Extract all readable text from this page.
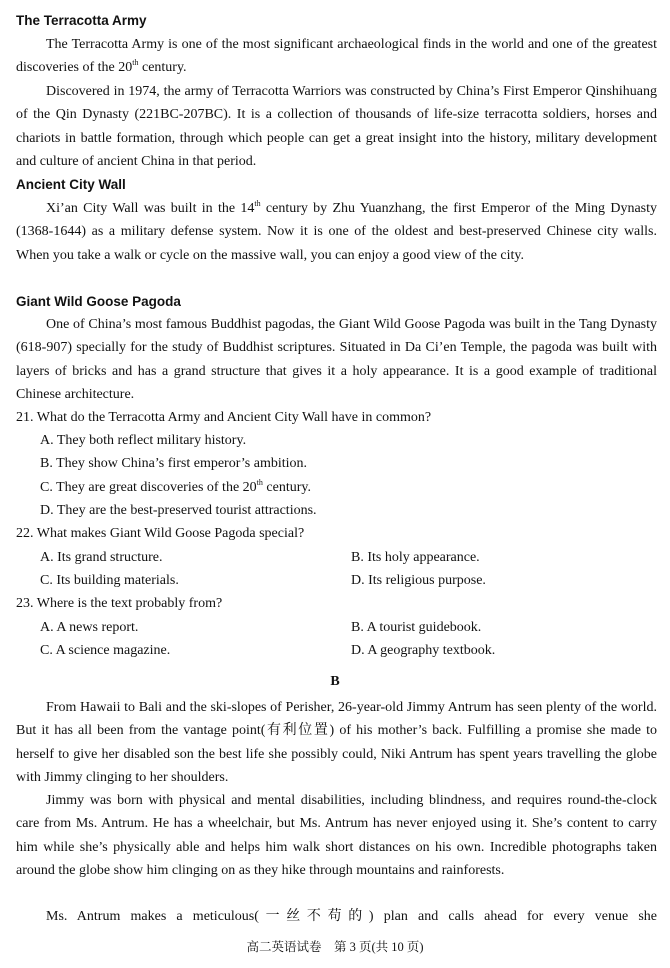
The Terracotta Army

The Terracotta Army is one of the most significant archaeological finds in the world and one of the greatest discoveries of the 20th century.

Discovered in 1974, the army of Terracotta Warriors was constructed by China’s First Emperor Qinshihuang of the Qin Dynasty (221BC-207BC). It is a collection of thousands of life-size terracotta soldiers, horses and chariots in battle formation, through which people can get a great insight into the history, military development and culture of ancient China in that period.

Ancient City Wall

Xi’an City Wall was built in the 14th century by Zhu Yuanzhang, the first Emperor of the Ming Dynasty (1368-1644) as a military defense system. Now it is one of the oldest and best-preserved Chinese city walls. When you take a walk or cycle on the massive wall, you can enjoy a good view of the city.

Giant Wild Goose Pagoda

One of China’s most famous Buddhist pagodas, the Giant Wild Goose Pagoda was built in the Tang Dynasty (618-907) specially for the study of Buddhist scriptures. Situated in Da Ci’en Temple, the pagoda was built with layers of bricks and has a grand structure that gives it a holy appearance. It is a good example of traditional Chinese architecture.

21. What do the Terracotta Army and Ancient City Wall have in common?
A. They both reflect military history.
B. They show China’s first emperor’s ambition.
C. They are great discoveries of the 20th century.
D. They are the best-preserved tourist attractions.
22. What makes Giant Wild Goose Pagoda special?
A. Its grand structure.	B. Its holy appearance.
C. Its building materials.	D. Its religious purpose.
23. Where is the text probably from?
A. A news report.	B. A tourist guidebook.
C. A science magazine.	D. A geography textbook.
B

From Hawaii to Bali and the ski-slopes of Perisher, 26-year-old Jimmy Antrum has seen plenty of the world. But it has all been from the vantage point(有利位置) of his mother’s back. Fulfilling a promise she made to herself to give her disabled son the best life she possibly could, Niki Antrum has spent years travelling the globe with Jimmy clinging to her shoulders.

Jimmy was born with physical and mental disabilities, including blindness, and requires round-the-clock care from Ms. Antrum. He has a wheelchair, but Ms. Antrum has never enjoyed using it. She’s content to carry him while she’s physically able and helps him walk short distances on his own. Incredible photographs taken around the globe show him clinging on as they hike through mountains and rainforests.

Ms. Antrum makes a meticulous(一丝不苟的) plan and calls ahead for every venue she

高二英语试卷　第 3 页(共 10 页)
